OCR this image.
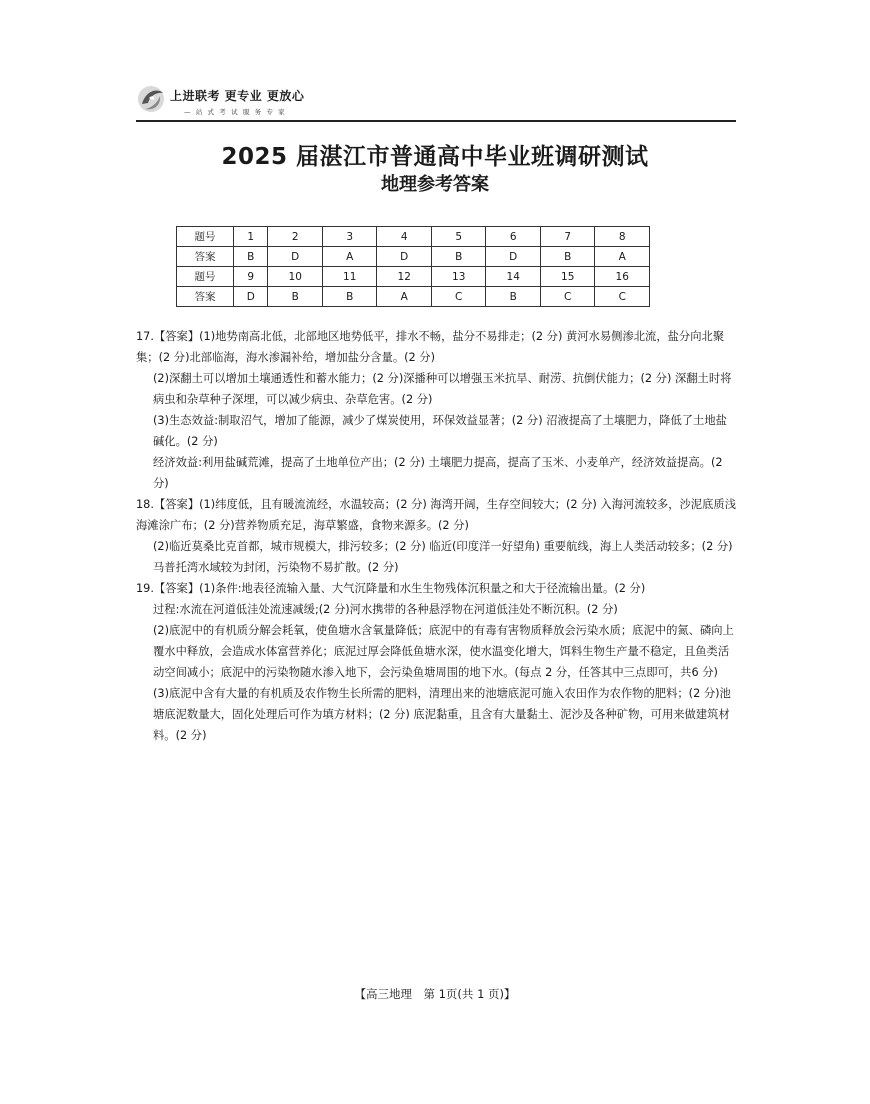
上进联考 更专业 更放心
— 站 式 考 试 服 务 专 家
2025 届湛江市普通高中毕业班调研测试
地理参考答案
题号	1	2	3	4	5	6	7	8
答案	B	D	A	D	B	D	B	A
题号	9	10	11	12	13	14	15	16
答案	D	B	B	A	C	B	C	C

17.【答案】(1)地势南高北低，北部地区地势低平，排水不畅，盐分不易排走；(2 分) 黄河水易侧渗北流，盐分向北聚集；(2 分)北部临海，海水渗漏补给，增加盐分含量。(2 分)

(2)深翻土可以增加土壤通透性和蓄水能力；(2 分)深播种可以增强玉米抗旱、耐涝、抗倒伏能力；(2 分) 深翻土时将病虫和杂草种子深埋，可以减少病虫、杂草危害。(2 分)

(3)生态效益:制取沼气，增加了能源，减少了煤炭使用，环保效益显著；(2 分) 沼液提高了土壤肥力，降低了土地盐碱化。(2 分)

经济效益:利用盐碱荒滩，提高了土地单位产出；(2 分) 土壤肥力提高，提高了玉米、小麦单产，经济效益提高。(2 分)

18.【答案】(1)纬度低，且有暖流流经，水温较高；(2 分) 海湾开阔，生存空间较大；(2 分) 入海河流较多，沙泥底质浅海滩涂广布；(2 分)营养物质充足，海草繁盛，食物来源多。(2 分)

(2)临近莫桑比克首都，城市规模大，排污较多；(2 分) 临近(印度洋一好望角) 重要航线，海上人类活动较多；(2 分)马普托湾水域较为封闭，污染物不易扩散。(2 分)

19.【答案】(1)条件:地表径流输入量、大气沉降量和水生生物残体沉积量之和大于径流输出量。(2 分)

过程:水流在河道低洼处流速减缓;(2 分)河水携带的各种悬浮物在河道低洼处不断沉积。(2 分)

(2)底泥中的有机质分解会耗氧，使鱼塘水含氧量降低；底泥中的有毒有害物质释放会污染水质；底泥中的氮、磷向上覆水中释放，会造成水体富营养化；底泥过厚会降低鱼塘水深，使水温变化增大，饵料生物生产量不稳定，且鱼类活动空间减小；底泥中的污染物随水渗入地下，会污染鱼塘周围的地下水。(每点 2 分，任答其中三点即可，共6 分)

(3)底泥中含有大量的有机质及农作物生长所需的肥料，清理出来的池塘底泥可施入农田作为农作物的肥料；(2 分)池塘底泥数量大，固化处理后可作为填方材料；(2 分) 底泥黏重，且含有大量黏土、泥沙及各种矿物，可用来做建筑材料。(2 分)

【高三地理　第 1页(共 1 页)】
